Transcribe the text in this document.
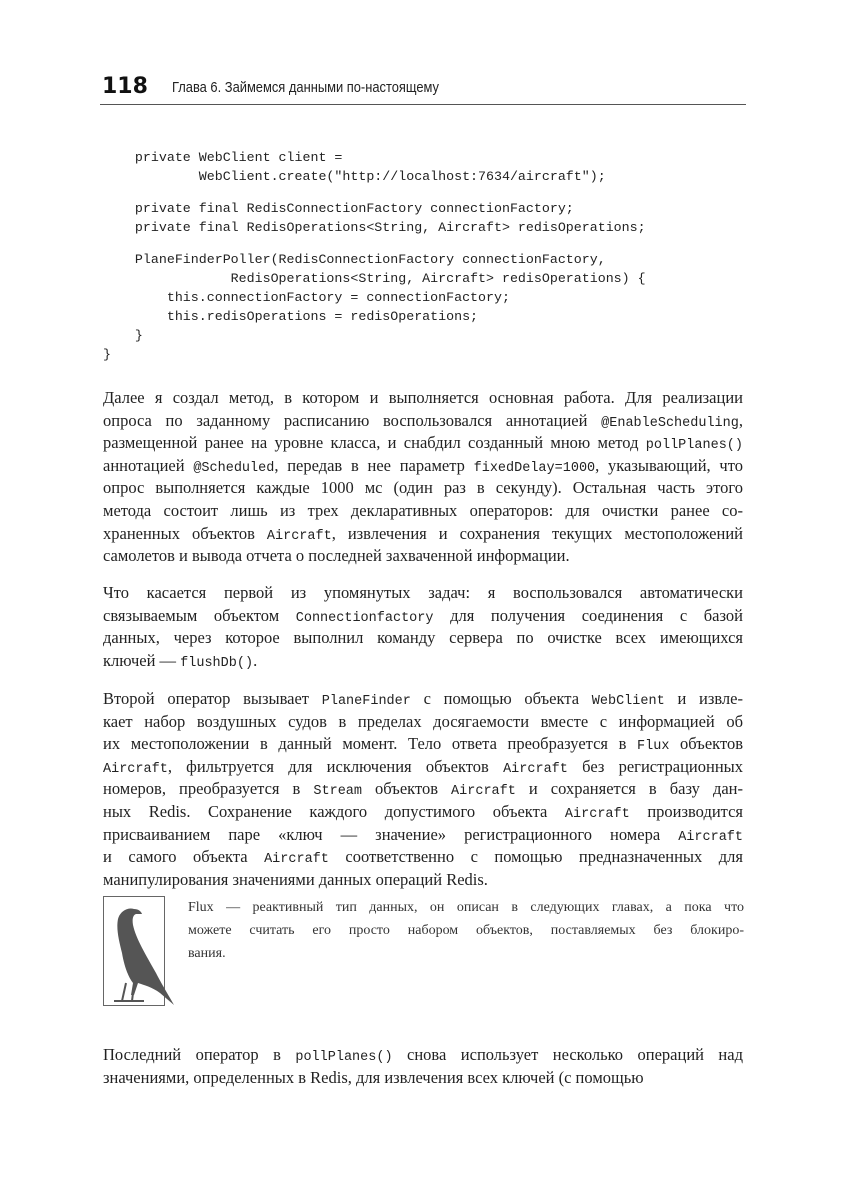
118 Глава 6. Займемся данными по-настоящему
private WebClient client =
WebClient.create("http://localhost:7634/aircraft");
private final RedisConnectionFactory connectionFactory;
private final RedisOperations<String, Aircraft> redisOperations;
PlaneFinderPoller(RedisConnectionFactory connectionFactory,
RedisOperations<String, Aircraft> redisOperations) {
this.connectionFactory = connectionFactory;
this.redisOperations = redisOperations;
}
}
Далее я создал метод, в котором и выполняется основная работа. Для реализации
опроса по заданному расписанию воспользовался аннотацией @EnableScheduling,
размещенной ранее на уровне класса, и снабдил созданный мною метод pollPlanes()
аннотацией @Scheduled, передав в нее параметр fixedDelay=1000, указывающий, что
опрос выполняется каждые 1000 мс (один раз в секунду). Остальная часть этого
метода состоит лишь из трех декларативных операторов: для очистки ранее со-
храненных объектов Aircraft, извлечения и сохранения текущих местоположений
самолетов и вывода отчета о последней захваченной информации.
Что касается первой из упомянутых задач: я воспользовался автоматически
связываемым объектом Connectionfactory для получения соединения с базой
данных, через которое выполнил команду сервера по очистке всех имеющихся
ключей — flushDb().
Второй оператор вызывает PlaneFinder с помощью объекта WebClient и извле-
кает набор воздушных судов в пределах досягаемости вместе с информацией об
их местоположении в данный момент. Тело ответа преобразуется в Flux объектов
Aircraft, фильтруется для исключения объектов Aircraft без регистрационных
номеров, преобразуется в Stream объектов Aircraft и сохраняется в базу дан-
ных Redis. Сохранение каждого допустимого объекта Aircraft производится
присваиванием паре «ключ — значение» регистрационного номера Aircraft
и самого объекта Aircraft соответственно с помощью предназначенных для
манипулирования значениями данных операций Redis.
Flux — реактивный тип данных, он описан в следующих главах, а пока что
можете считать его просто набором объектов, поставляемых без блокиро-
вания.
Последний оператор в pollPlanes() снова использует несколько операций над
значениями, определенных в Redis, для извлечения всех ключей (с помощью
